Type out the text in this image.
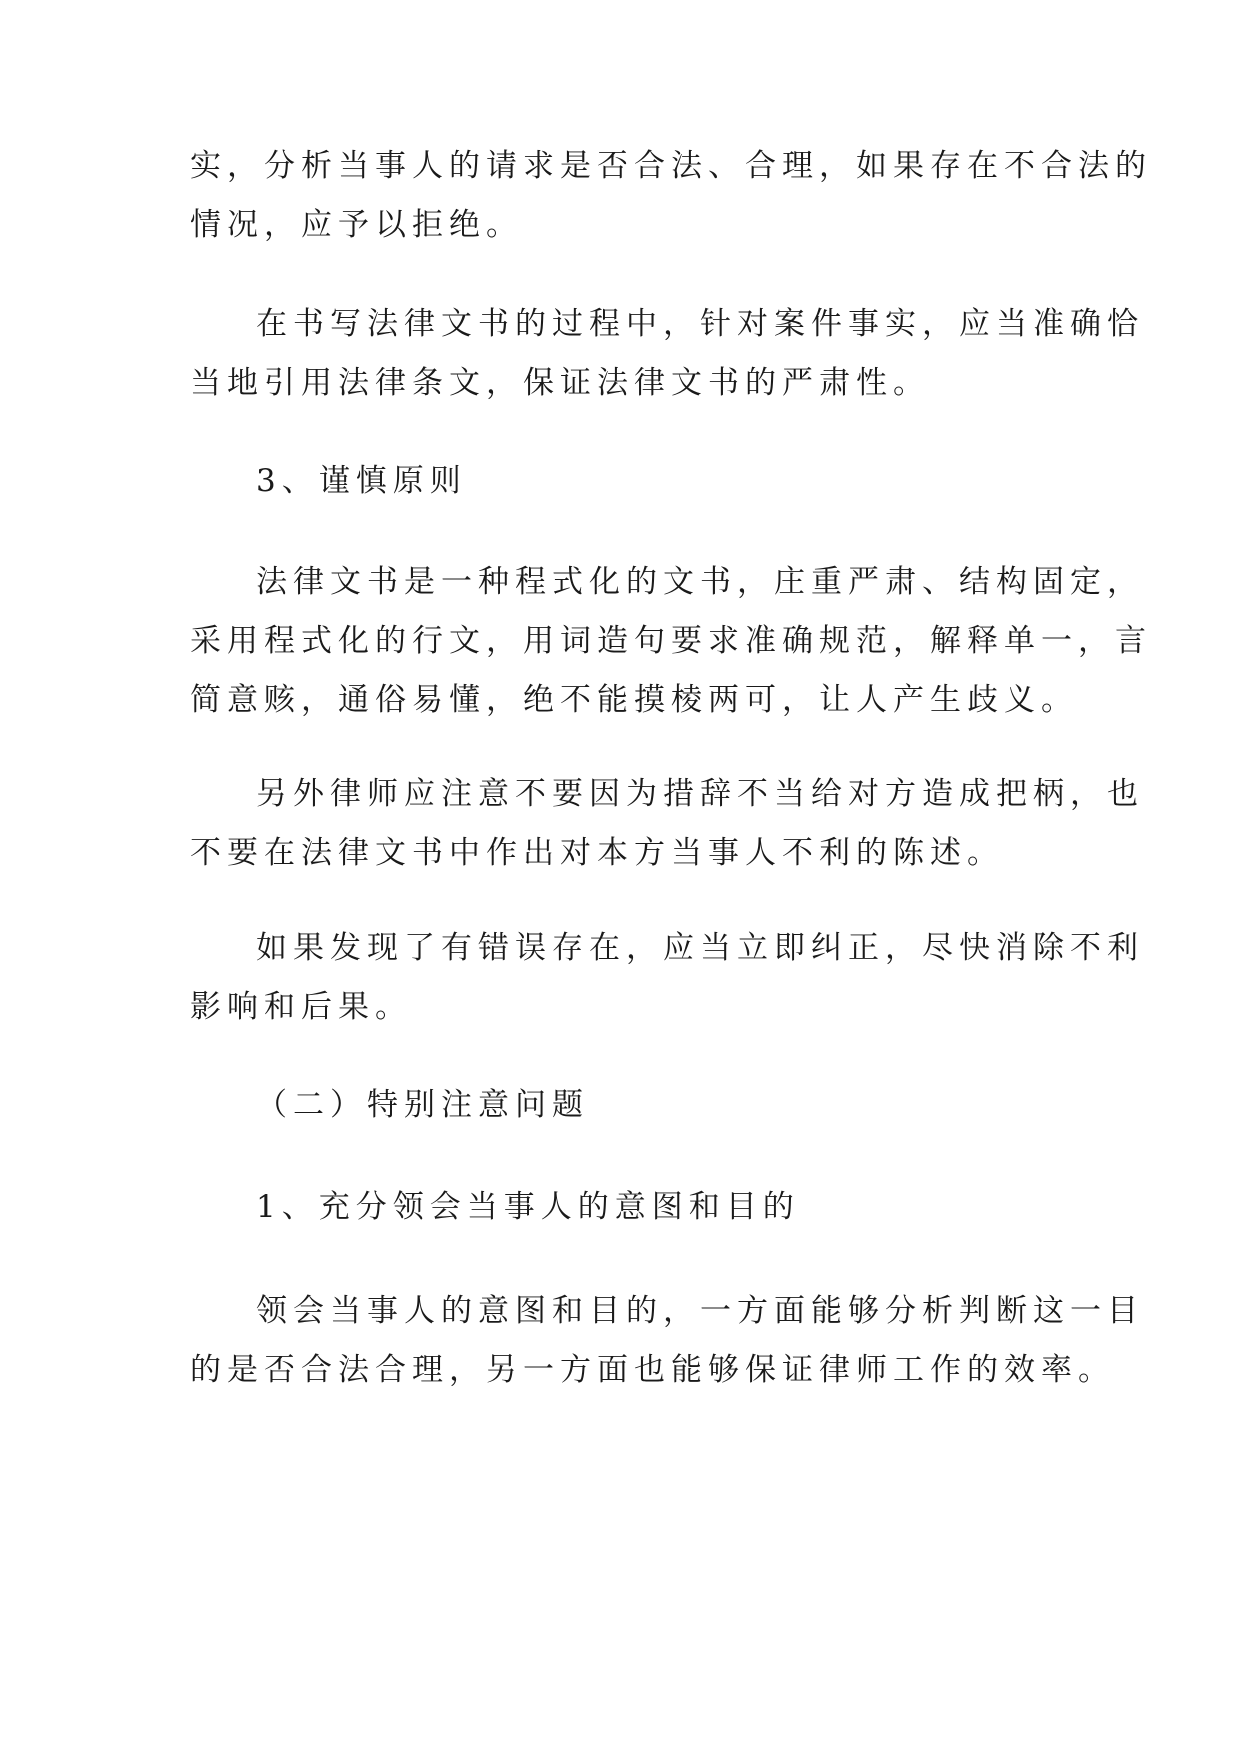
实，分析当事人的请求是否合法、合理，如果存在不合法的
情况，应予以拒绝。

在书写法律文书的过程中，针对案件事实，应当准确恰
当地引用法律条文，保证法律文书的严肃性。

3、谨慎原则

法律文书是一种程式化的文书，庄重严肃、结构固定，
采用程式化的行文，用词造句要求准确规范，解释单一，言
简意赅，通俗易懂，绝不能摸棱两可，让人产生歧义。

另外律师应注意不要因为措辞不当给对方造成把柄，也
不要在法律文书中作出对本方当事人不利的陈述。

如果发现了有错误存在，应当立即纠正，尽快消除不利
影响和后果。

（二）特别注意问题

1、充分领会当事人的意图和目的

领会当事人的意图和目的，一方面能够分析判断这一目
的是否合法合理，另一方面也能够保证律师工作的效率。
